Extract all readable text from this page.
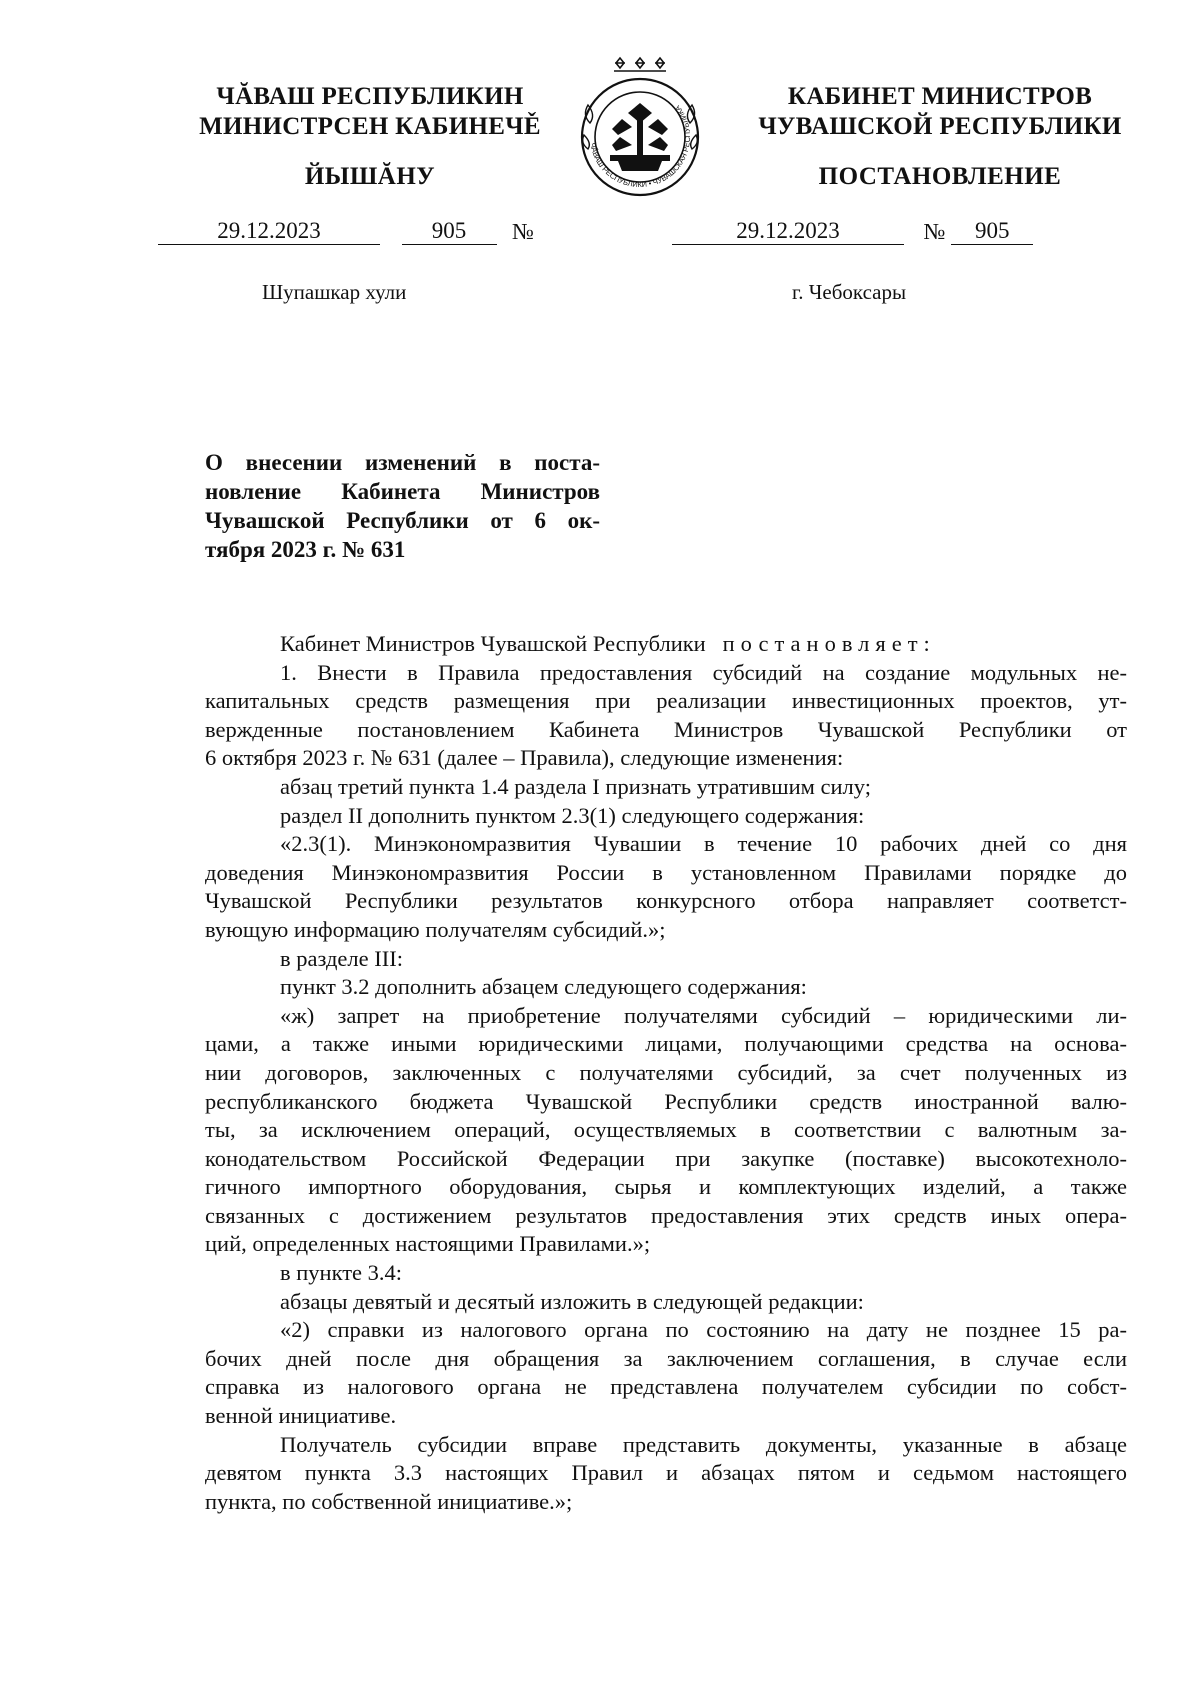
ЧĂВАШ РЕСПУБЛИКИН
МИНИСТРСЕН КАБИНЕЧĚ
ЙЫШĂНУ
КАБИНЕТ МИНИСТРОВ
ЧУВАШСКОЙ РЕСПУБЛИКИ
ПОСТАНОВЛЕНИЕ
ЧĂВАШ РЕСПУБЛИКИ • ЧУВАШСКАЯ РЕСПУБЛИКА
29.12.2023	905 №	29.12.2023	№ 905
Шупашкар хули	г. Чебоксары
О внесении изменений в поста-
новление Кабинета Министров
Чувашской Республики от 6 ок-
тября 2023 г. № 631
Кабинет Министров Чувашской Республики постановляет:
1. Внести в Правила предоставления субсидий на создание модульных не-
капитальных средств размещения при реализации инвестиционных проектов, ут-
вержденные постановлением Кабинета Министров Чувашской Республики от
6 октября 2023 г. № 631 (далее – Правила), следующие изменения:
абзац третий пункта 1.4 раздела I признать утратившим силу;
раздел II дополнить пунктом 2.3(1) следующего содержания:
«2.3(1). Минэкономразвития Чувашии в течение 10 рабочих дней со дня
доведения Минэкономразвития России в установленном Правилами порядке до
Чувашской Республики результатов конкурсного отбора направляет соответст-
вующую информацию получателям субсидий.»;
в разделе III:
пункт 3.2 дополнить абзацем следующего содержания:
«ж) запрет на приобретение получателями субсидий – юридическими ли-
цами, а также иными юридическими лицами, получающими средства на основа-
нии договоров, заключенных с получателями субсидий, за счет полученных из
республиканского бюджета Чувашской Республики средств иностранной валю-
ты, за исключением операций, осуществляемых в соответствии с валютным за-
конодательством Российской Федерации при закупке (поставке) высокотехноло-
гичного импортного оборудования, сырья и комплектующих изделий, а также
связанных с достижением результатов предоставления этих средств иных опера-
ций, определенных настоящими Правилами.»;
в пункте 3.4:
абзацы девятый и десятый изложить в следующей редакции:
«2) справки из налогового органа по состоянию на дату не позднее 15 ра-
бочих дней после дня обращения за заключением соглашения, в случае если
справка из налогового органа не представлена получателем субсидии по собст-
венной инициативе.
Получатель субсидии вправе представить документы, указанные в абзаце
девятом пункта 3.3 настоящих Правил и абзацах пятом и седьмом настоящего
пункта, по собственной инициативе.»;
